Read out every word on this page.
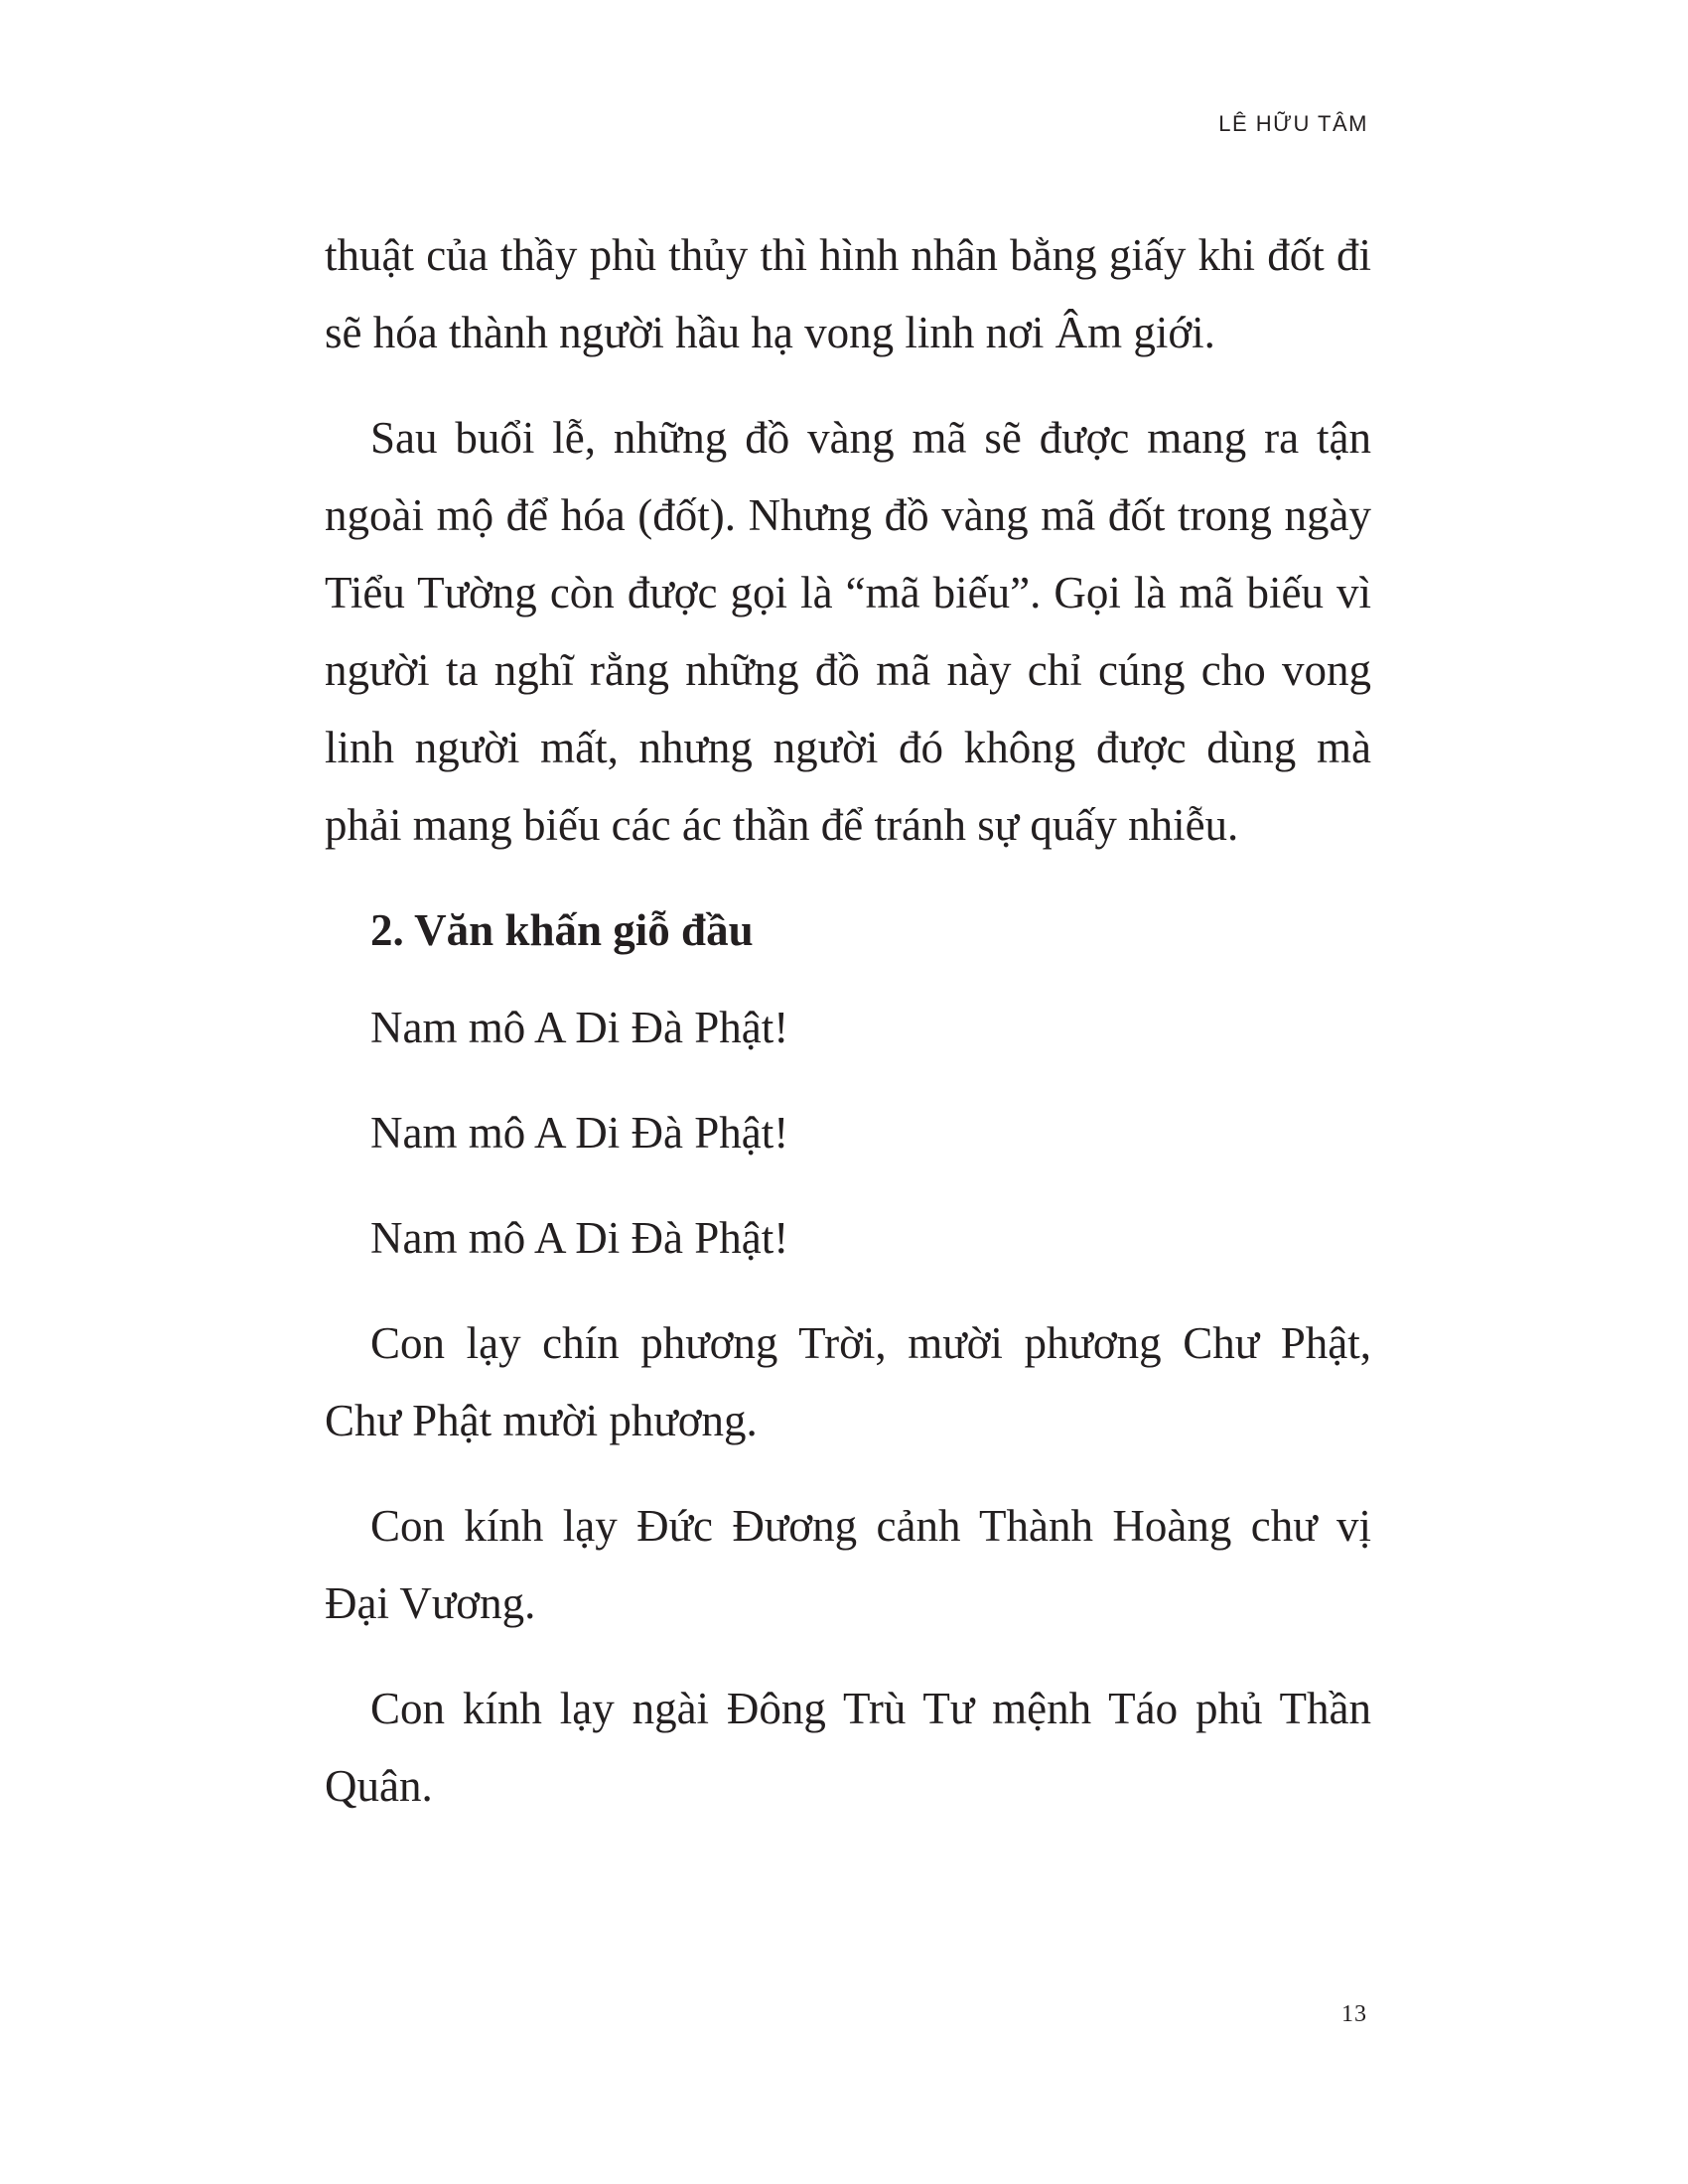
LÊ HỮU TÂM

thuật của thầy phù thủy thì hình nhân bằng giấy khi đốt đi sẽ hóa thành người hầu hạ vong linh nơi Âm giới.

Sau buổi lễ, những đồ vàng mã sẽ được mang ra tận ngoài mộ để hóa (đốt). Nhưng đồ vàng mã đốt trong ngày Tiểu Tường còn được gọi là “mã biếu”. Gọi là mã biếu vì người ta nghĩ rằng những đồ mã này chỉ cúng cho vong linh người mất, nhưng người đó không được dùng mà phải mang biếu các ác thần để tránh sự quấy nhiễu.

2. Văn khấn giỗ đầu

Nam mô A Di Đà Phật!

Nam mô A Di Đà Phật!

Nam mô A Di Đà Phật!

Con lạy chín phương Trời, mười phương Chư Phật, Chư Phật mười phương.

Con kính lạy Đức Đương cảnh Thành Hoàng chư vị Đại Vương.

Con kính lạy ngài Đông Trù Tư mệnh Táo phủ Thần Quân.

13
